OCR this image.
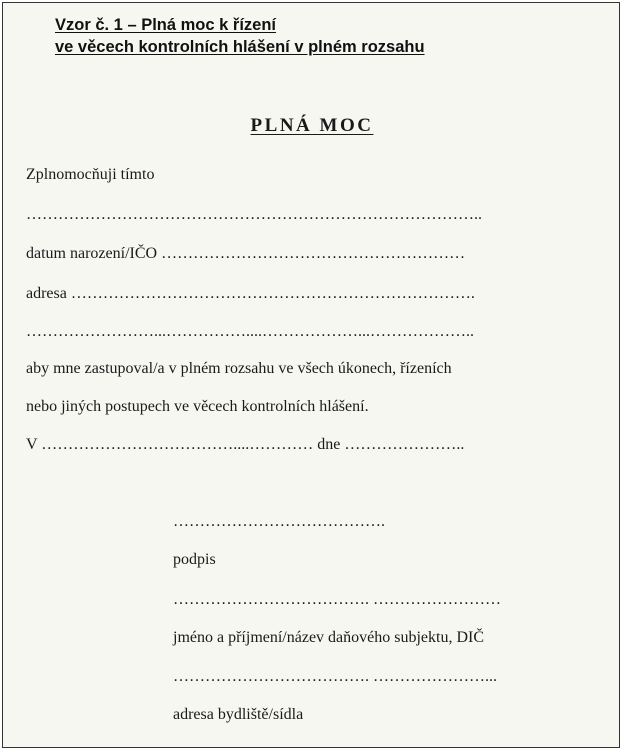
Vzor č. 1 – Plná moc k řízení
ve věcech kontrolních hlášení v plném rozsahu
PLNÁ MOC
Zplnomocňuji tímto
…………………………………………………………………………..
datum narození/IČO …………………………………………………
adresa ………………………………………………………………….
……………………...……………....………………...………………..
aby mne zastupoval/a v plném rozsahu ve všech úkonech, řízeních
nebo jiných postupech ve věcech kontrolních hlášení.
V ………………………………....………… dne …………………..
………………………………….
podpis
………………………………. ……………………
jméno a příjmení/název daňového subjektu, DIČ
………………………………. …………………...
adresa bydliště/sídla
